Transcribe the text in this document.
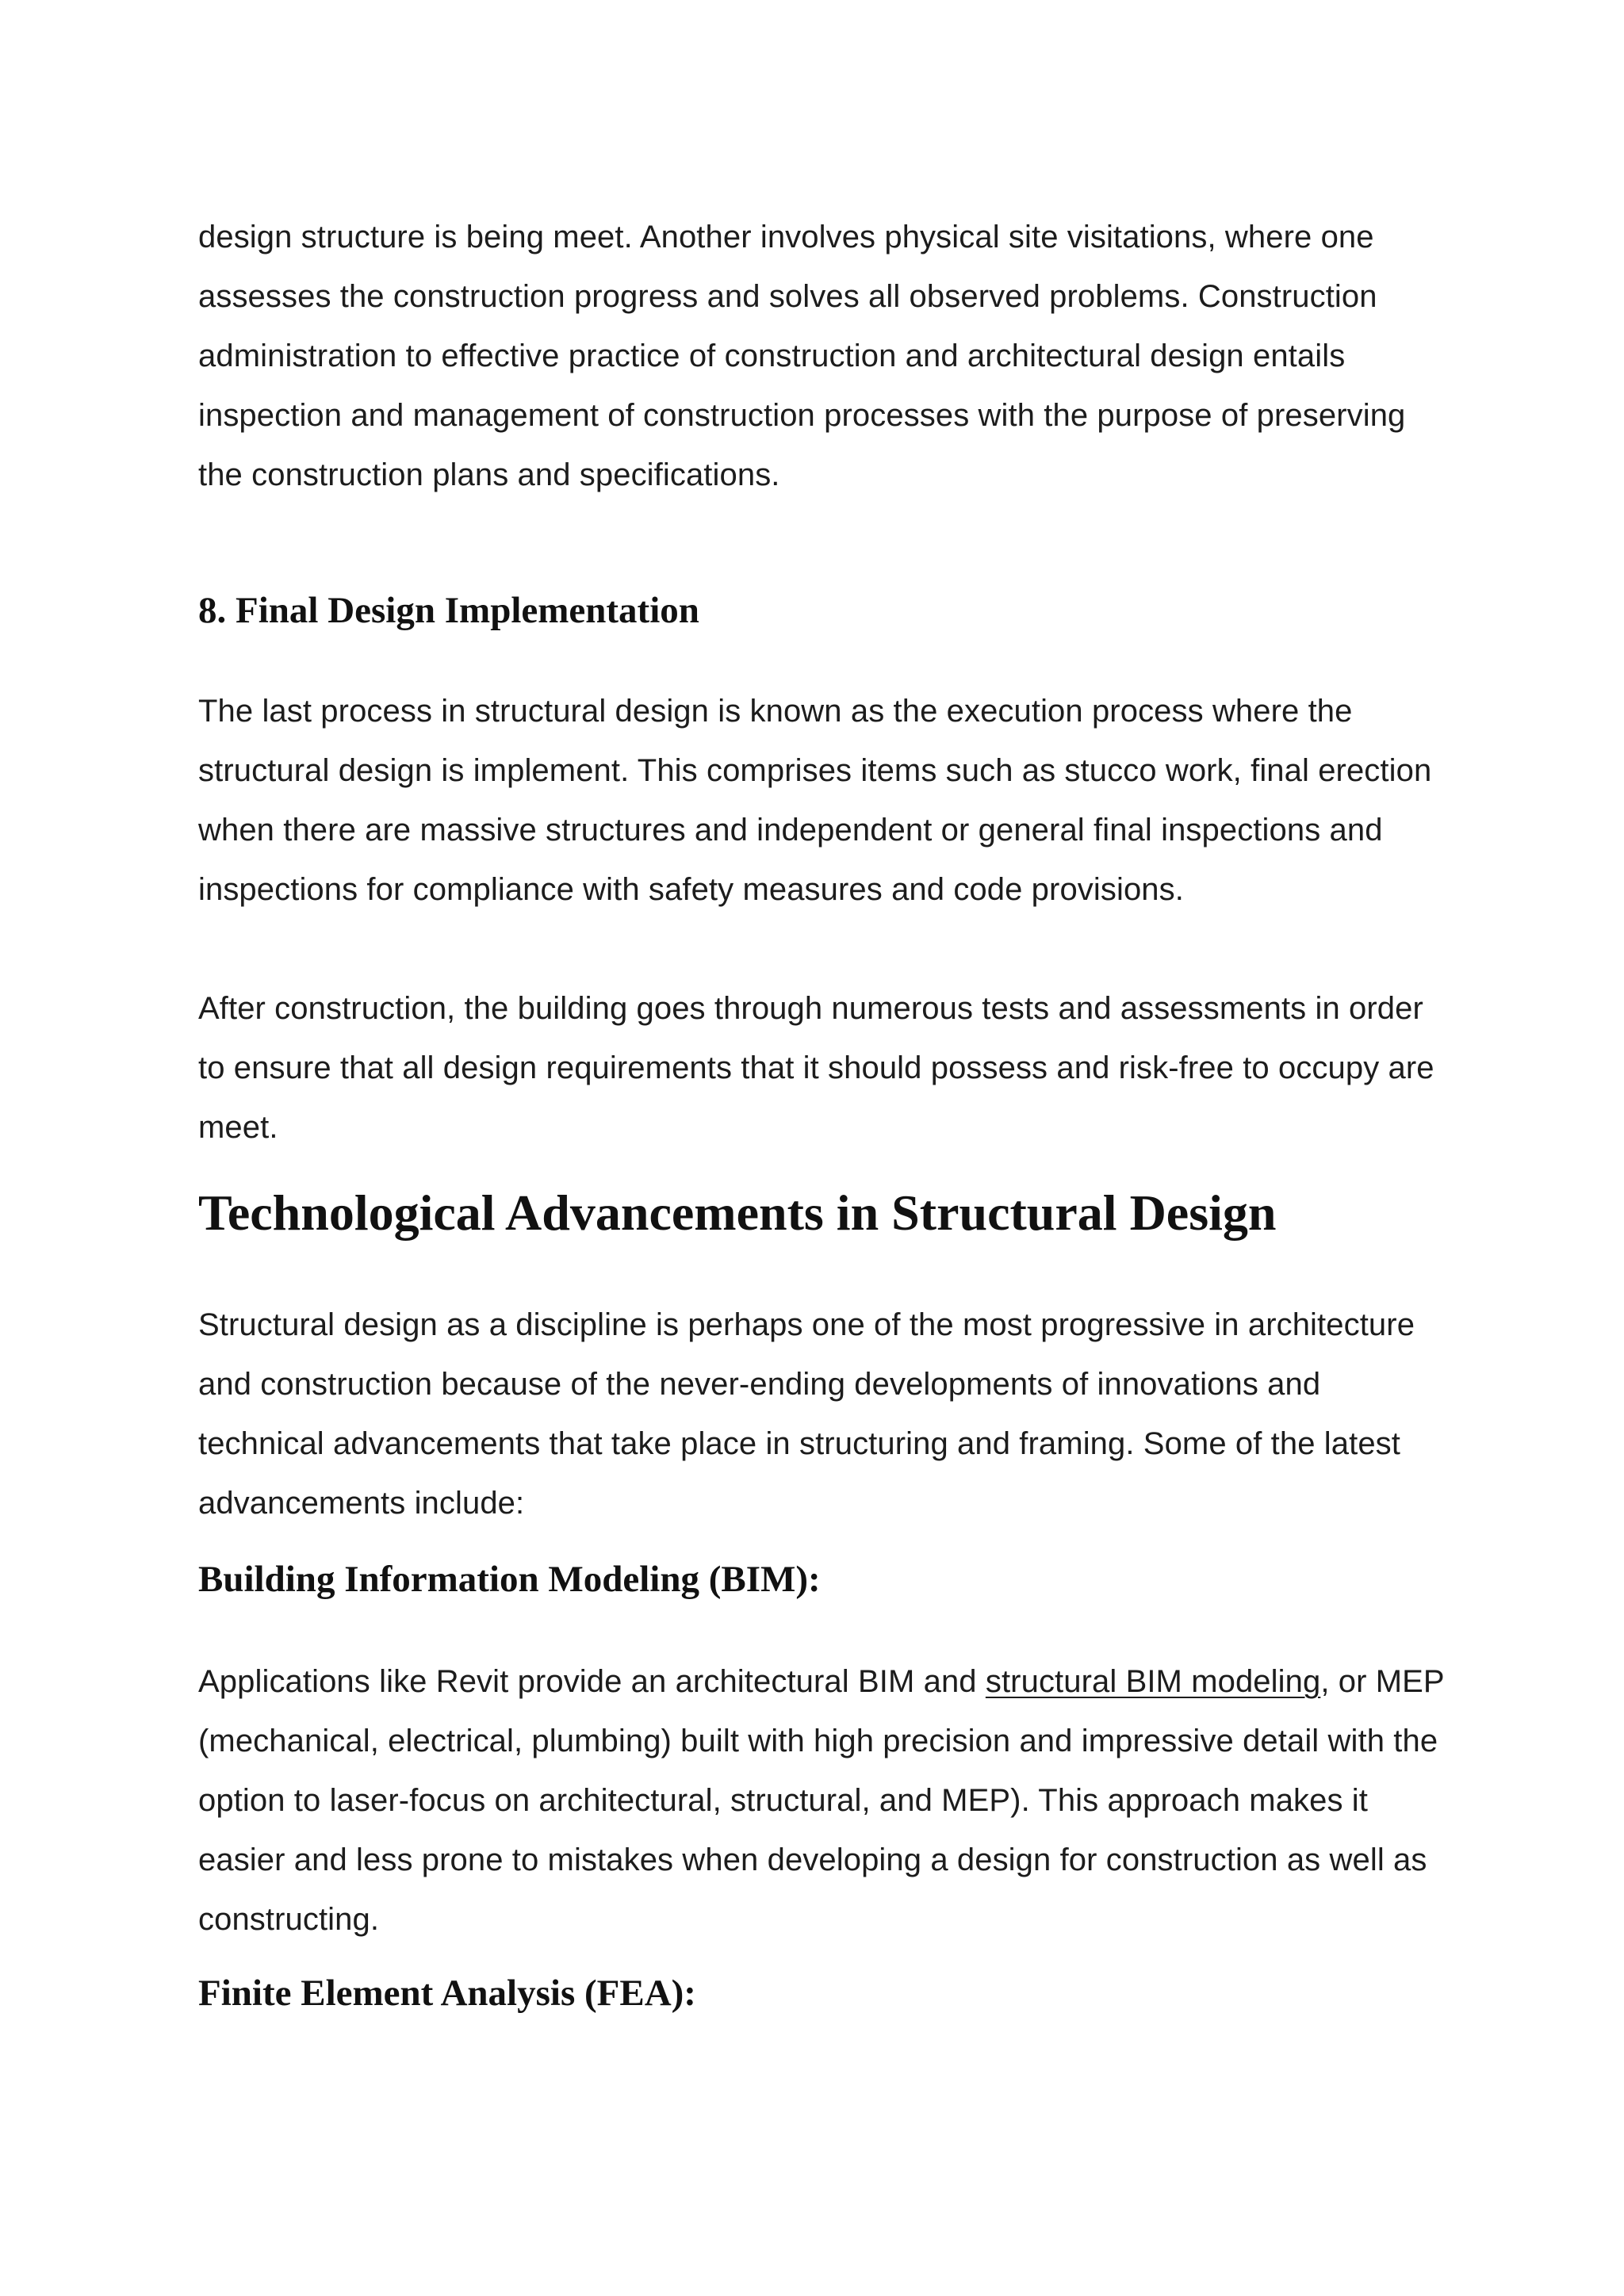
design structure is being meet. Another involves physical site visitations, where one assesses the construction progress and solves all observed problems. Construction administration to effective practice of construction and architectural design entails inspection and management of construction processes with the purpose of preserving the construction plans and specifications.

8. Final Design Implementation

The last process in structural design is known as the execution process where the structural design is implement. This comprises items such as stucco work, final erection when there are massive structures and independent or general final inspections and inspections for compliance with safety measures and code provisions.

After construction, the building goes through numerous tests and assessments in order to ensure that all design requirements that it should possess and risk-free to occupy are meet.

Technological Advancements in Structural Design

Structural design as a discipline is perhaps one of the most progressive in architecture and construction because of the never-ending developments of innovations and technical advancements that take place in structuring and framing. Some of the latest advancements include:

Building Information Modeling (BIM):

Applications like Revit provide an architectural BIM and structural BIM modeling, or MEP (mechanical, electrical, plumbing) built with high precision and impressive detail with the option to laser-focus on architectural, structural, and MEP). This approach makes it easier and less prone to mistakes when developing a design for construction as well as constructing.

Finite Element Analysis (FEA):
